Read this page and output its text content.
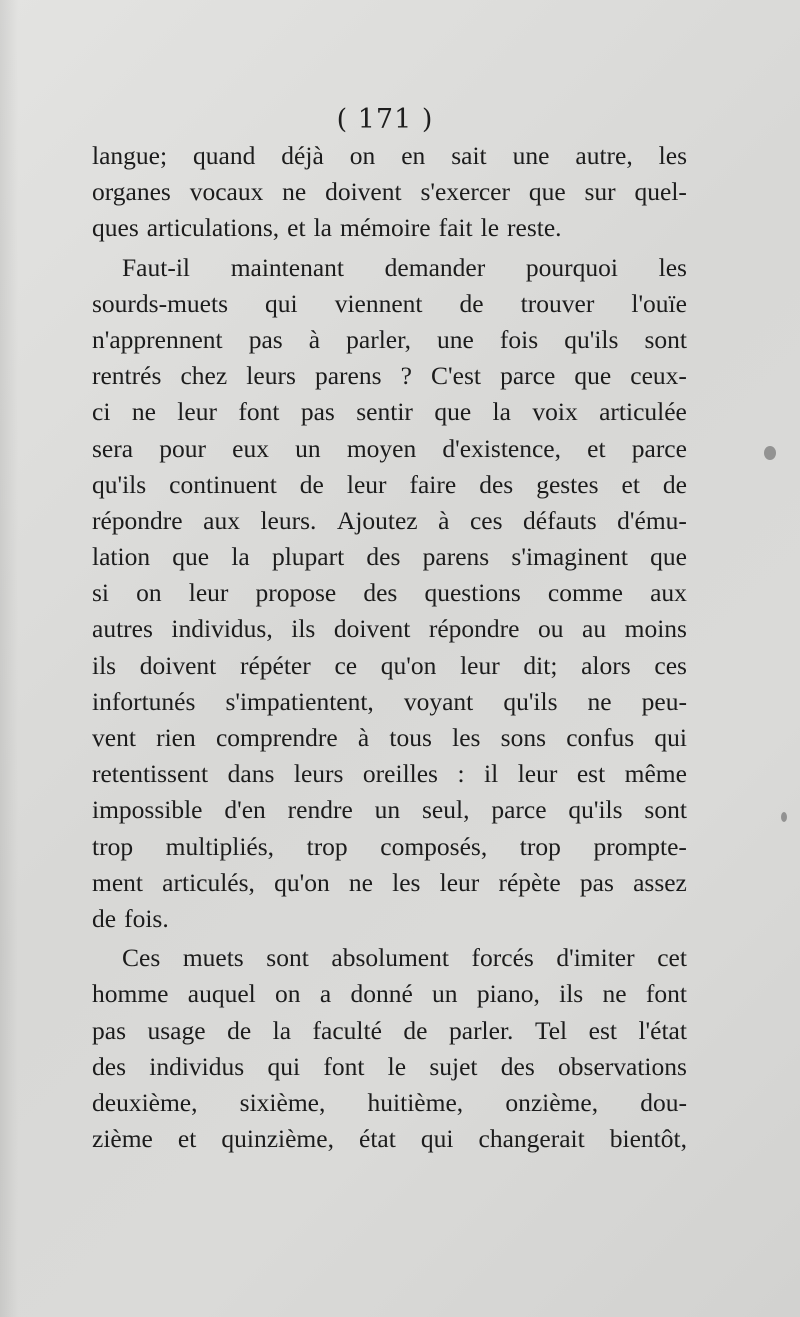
( 171 )
langue; quand déjà on en sait une autre, les
organes vocaux ne doivent s'exercer que sur quel-
ques articulations, et la mémoire fait le reste.
Faut-il maintenant demander pourquoi les
sourds-muets qui viennent de trouver l'ouïe
n'apprennent pas à parler, une fois qu'ils sont
rentrés chez leurs parens ? C'est parce que ceux-
ci ne leur font pas sentir que la voix articulée
sera pour eux un moyen d'existence, et parce
qu'ils continuent de leur faire des gestes et de
répondre aux leurs. Ajoutez à ces défauts d'ému-
lation que la plupart des parens s'imaginent que
si on leur propose des questions comme aux
autres individus, ils doivent répondre ou au moins
ils doivent répéter ce qu'on leur dit; alors ces
infortunés s'impatientent, voyant qu'ils ne peu-
vent rien comprendre à tous les sons confus qui
retentissent dans leurs oreilles : il leur est même
impossible d'en rendre un seul, parce qu'ils sont
trop multipliés, trop composés, trop prompte-
ment articulés, qu'on ne les leur répète pas assez
de fois.
Ces muets sont absolument forcés d'imiter cet
homme auquel on a donné un piano, ils ne font
pas usage de la faculté de parler. Tel est l'état
des individus qui font le sujet des observations
deuxième, sixième, huitième, onzième, dou-
zième et quinzième, état qui changerait bientôt,
